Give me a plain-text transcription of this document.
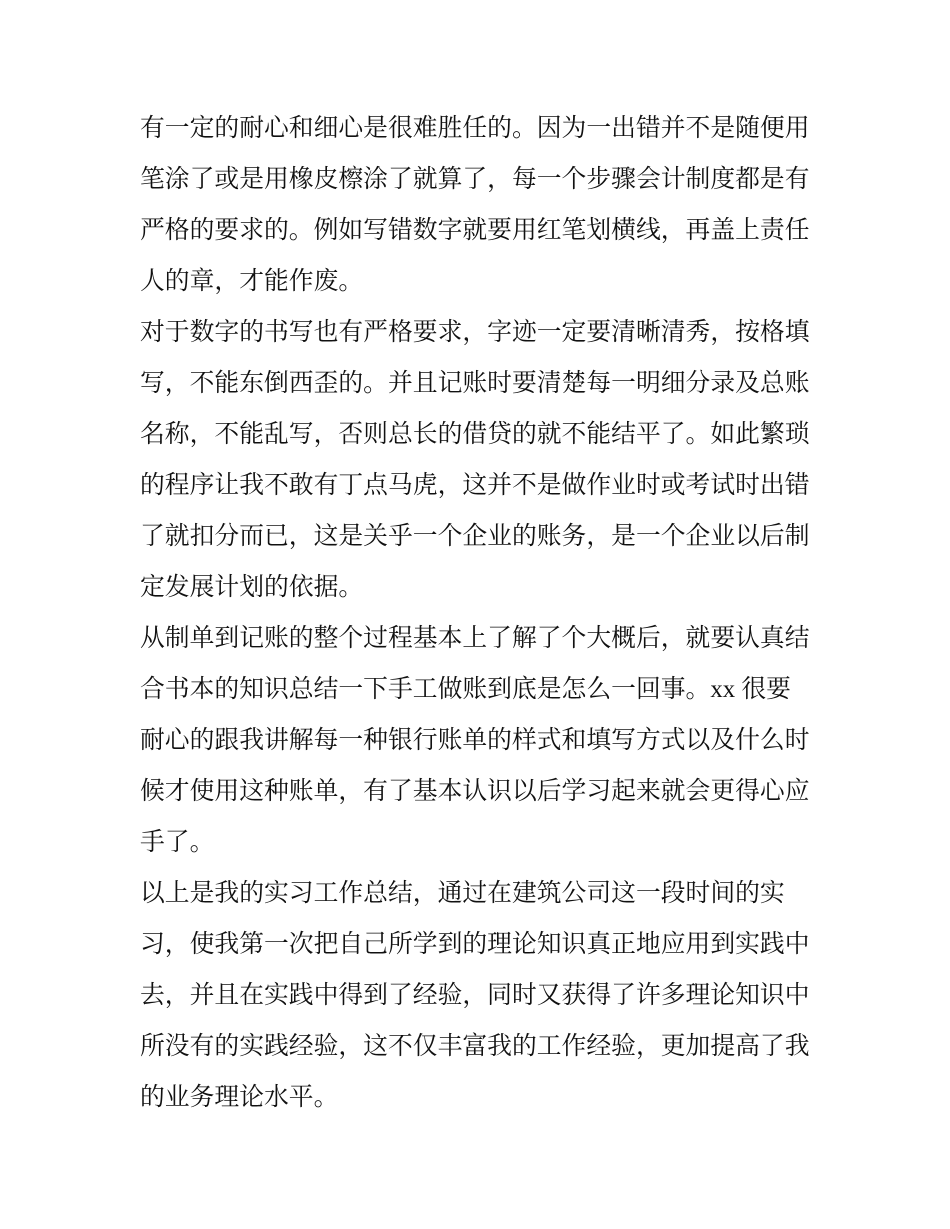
有一定的耐心和细心是很难胜任的。因为一出错并不是随便用
笔涂了或是用橡皮檫涂了就算了，每一个步骤会计制度都是有
严格的要求的。例如写错数字就要用红笔划横线，再盖上责任
人的章，才能作废。
对于数字的书写也有严格要求，字迹一定要清晰清秀，按格填
写，不能东倒西歪的。并且记账时要清楚每一明细分录及总账
名称，不能乱写，否则总长的借贷的就不能结平了。如此繁琐
的程序让我不敢有丁点马虎，这并不是做作业时或考试时出错
了就扣分而已，这是关乎一个企业的账务，是一个企业以后制
定发展计划的依据。
从制单到记账的整个过程基本上了解了个大概后，就要认真结
合书本的知识总结一下手工做账到底是怎么一回事。xx 很要
耐心的跟我讲解每一种银行账单的样式和填写方式以及什么时
候才使用这种账单，有了基本认识以后学习起来就会更得心应
手了。
以上是我的实习工作总结，通过在建筑公司这一段时间的实
习，使我第一次把自己所学到的理论知识真正地应用到实践中
去，并且在实践中得到了经验，同时又获得了许多理论知识中
所没有的实践经验，这不仅丰富我的工作经验，更加提高了我
的业务理论水平。
